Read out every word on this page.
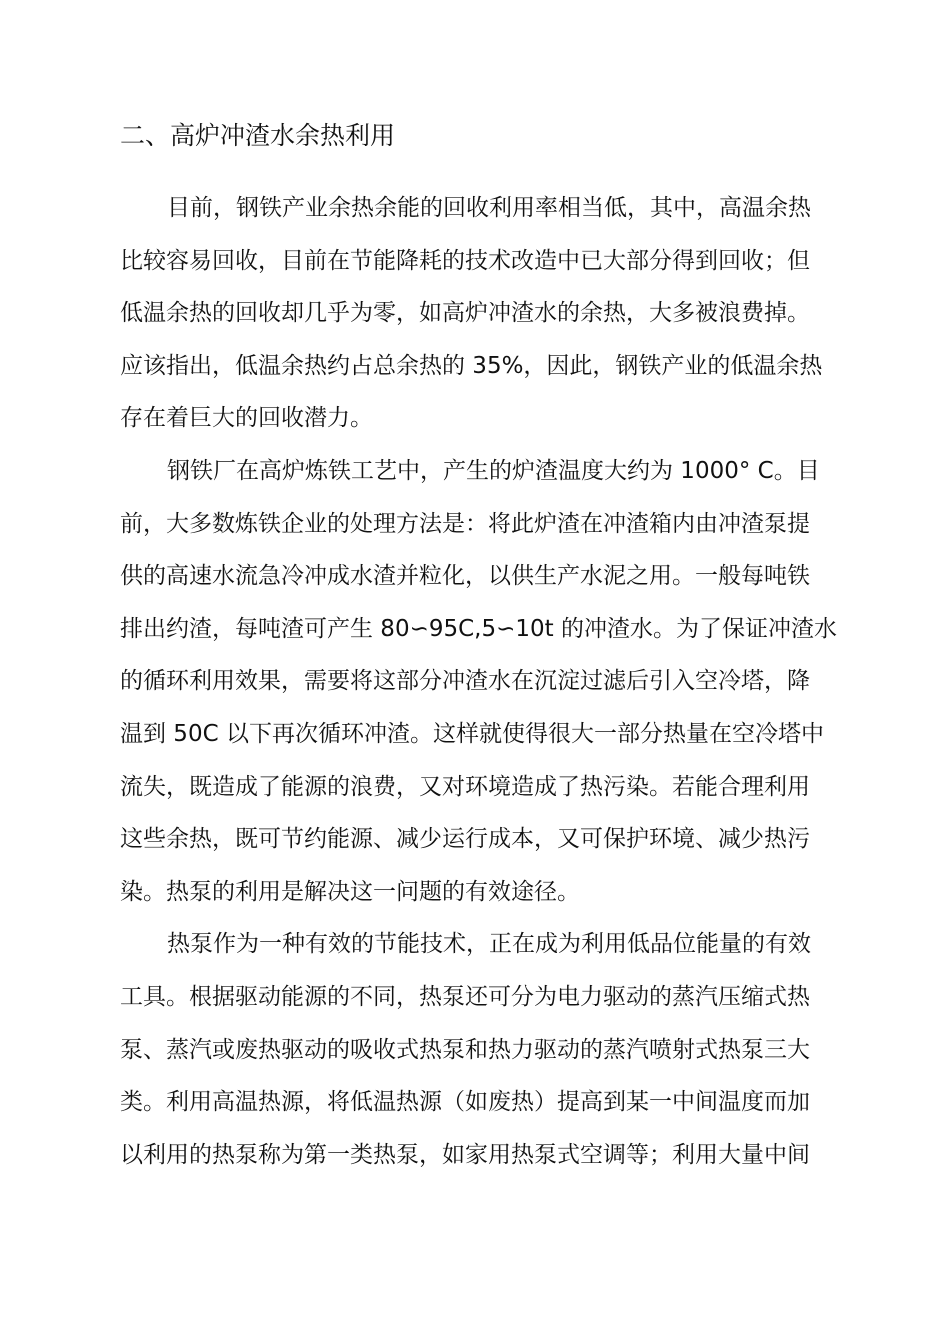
二、高炉冲渣水余热利用
目前，钢铁产业余热余能的回收利用率相当低，其中，高温余热
比较容易回收，目前在节能降耗的技术改造中已大部分得到回收；但
低温余热的回收却几乎为零，如高炉冲渣水的余热，大多被浪费掉。
应该指出，低温余热约占总余热的 35%，因此，钢铁产业的低温余热
存在着巨大的回收潜力。
钢铁厂在高炉炼铁工艺中，产生的炉渣温度大约为 1000° C。目
前，大多数炼铁企业的处理方法是：将此炉渣在冲渣箱内由冲渣泵提
供的高速水流急冷冲成水渣并粒化，以供生产水泥之用。一般每吨铁
排出约渣，每吨渣可产生 80∽95C,5∽10t 的冲渣水。为了保证冲渣水
的循环利用效果，需要将这部分冲渣水在沉淀过滤后引入空冷塔，降
温到 50C 以下再次循环冲渣。这样就使得很大一部分热量在空冷塔中
流失，既造成了能源的浪费，又对环境造成了热污染。若能合理利用
这些余热，既可节约能源、减少运行成本，又可保护环境、减少热污
染。热泵的利用是解决这一问题的有效途径。
热泵作为一种有效的节能技术，正在成为利用低品位能量的有效
工具。根据驱动能源的不同，热泵还可分为电力驱动的蒸汽压缩式热
泵、蒸汽或废热驱动的吸收式热泵和热力驱动的蒸汽喷射式热泵三大
类。利用高温热源，将低温热源（如废热）提高到某一中间温度而加
以利用的热泵称为第一类热泵，如家用热泵式空调等；利用大量中间
